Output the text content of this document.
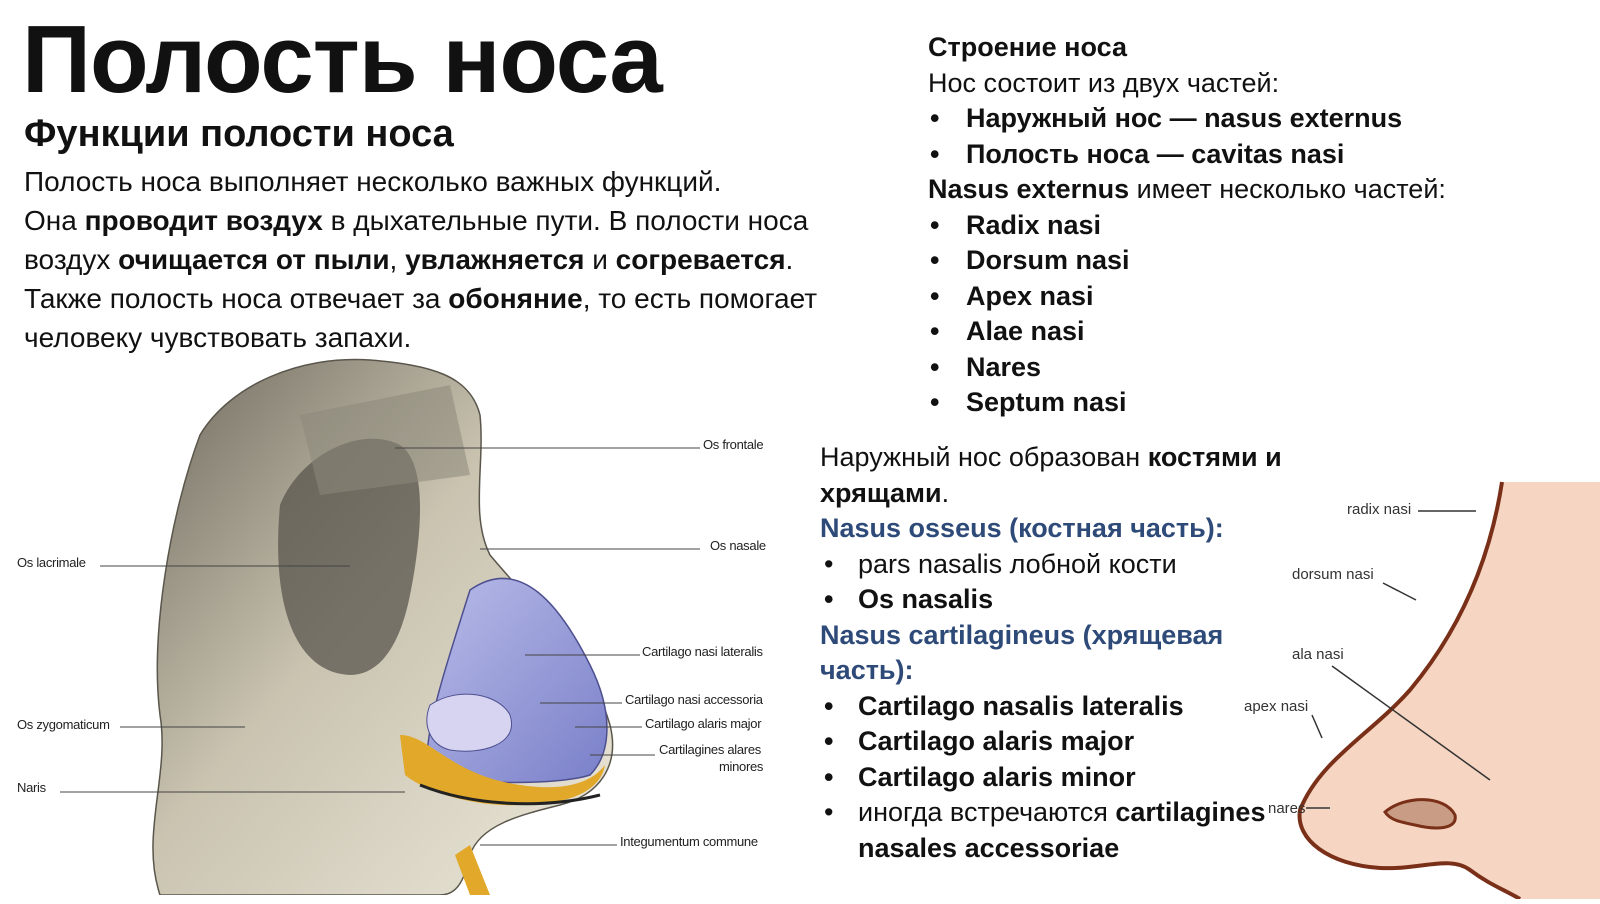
Полость носа
Функции полости носа
Полость носа выполняет несколько важных функций.
Она проводит воздух в дыхательные пути. В полости носа
воздух очищается от пыли, увлажняется и согревается.
Также полость носа отвечает за обоняние, то есть помогает
человеку чувствовать запахи.

Строение носа

Нос состоит из двух частей:

• Наружный нос — nasus externus
• Полость носа — cavitas nasi

Nasus externus имеет несколько частей:

• Radix nasi
• Dorsum nasi
• Apex nasi
• Alae nasi
• Nares
• Septum nasi

Наружный нос образован костями и

хрящами.

Nasus osseus (костная часть):

• pars nasalis лобной кости
• Os nasalis

Nasus cartilagineus (хрящевая часть):

• Cartilago nasalis lateralis
• Cartilago alaris major
• Cartilago alaris minor
• иногда встречаются cartilagines
nasales accessoriae
Os frontale
Os nasale
Os lacrimale
Cartilago nasi lateralis
Cartilago nasi accessoria
Cartilago alaris major
Cartilagines alares
minores
Os zygomaticum
Naris
Integumentum commune
radix nasi
dorsum nasi
ala nasi
apex nasi
nares
